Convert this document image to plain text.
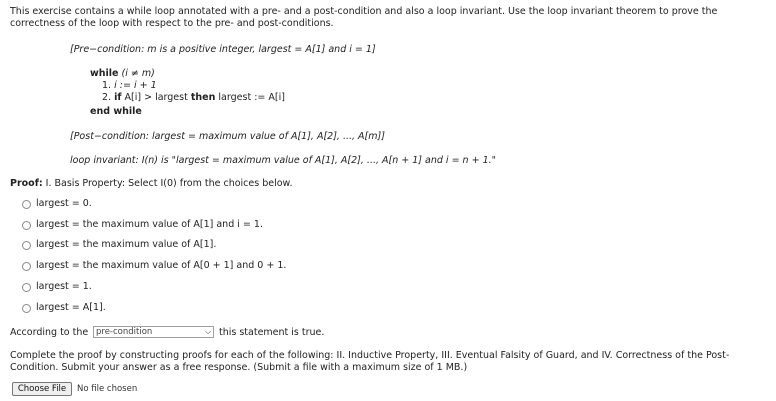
This exercise contains a while loop annotated with a pre- and a post-condition and also a loop invariant. Use the loop invariant theorem to prove the correctness of the loop with respect to the pre- and post-conditions.
[Pre−condition: m is a positive integer, largest = A[1] and i = 1]
while (i ≠ m)
1. i := i + 1
2. if A[i] > largest then largest := A[i]
end while
[Post−condition: largest = maximum value of A[1], A[2], ..., A[m]]
loop invariant: I(n) is "largest = maximum value of A[1], A[2], ..., A[n + 1] and i = n + 1."
Proof: I. Basis Property: Select I(0) from the choices below.
largest = 0.
largest = the maximum value of A[1] and i = 1.
largest = the maximum value of A[1].
largest = the maximum value of A[0 + 1] and 0 + 1.
largest = 1.
largest = A[1].
According to the pre-condition	⌵ this statement is true.
Complete the proof by constructing proofs for each of the following: II. Inductive Property, III. Eventual Falsity of Guard, and IV. Correctness of the Post-Condition. Submit your answer as a free response. (Submit a file with a maximum size of 1 MB.)
Choose File	No file chosen
